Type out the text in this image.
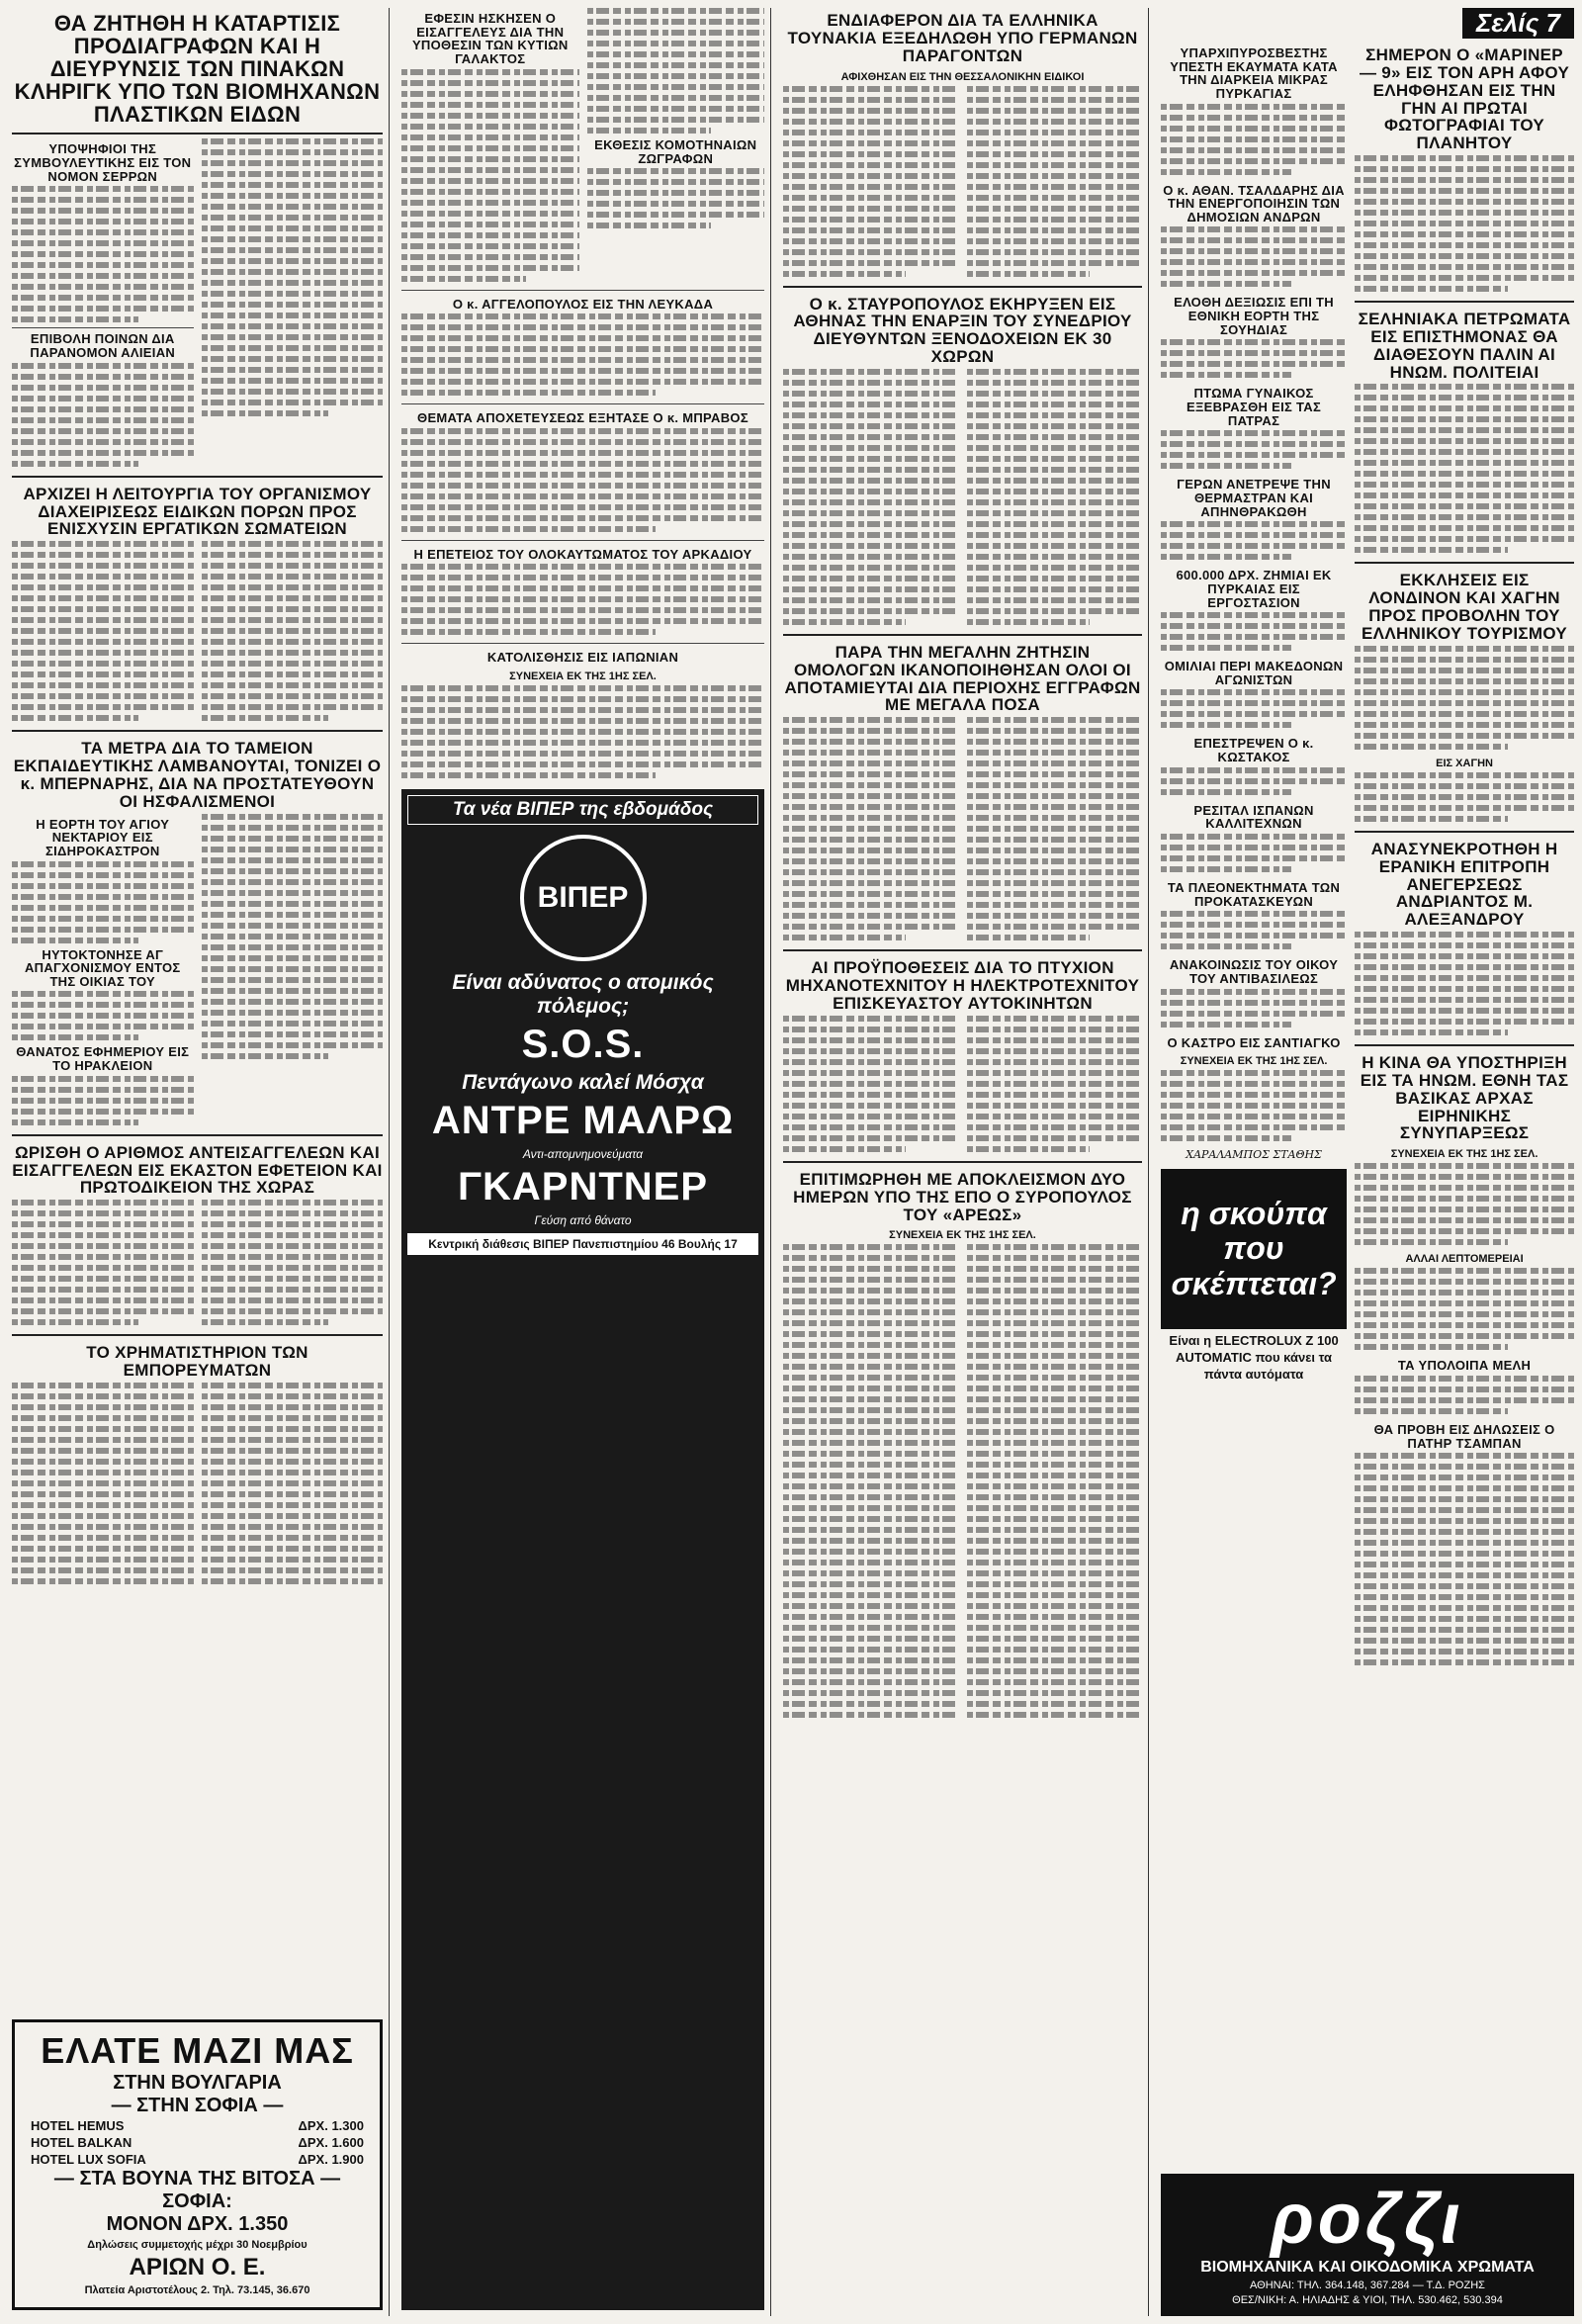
ΘΑ ΖΗΤΗΘΗ Η ΚΑΤΑΡΤΙΣΙΣ ΠΡΟΔΙΑΓΡΑΦΩΝ ΚΑΙ Η ΔΙΕΥΡΥΝΣΙΣ ΤΩΝ ΠΙΝΑΚΩΝ ΚΛΗΡΙΓΚ ΥΠΟ ΤΩΝ ΒΙΟΜΗΧΑΝΩΝ ΠΛΑΣΤΙΚΩΝ ΕΙΔΩΝ
ΥΠΟΨΗΦΙΟΙ ΤΗΣ ΣΥΜΒΟΥΛΕΥΤΙΚΗΣ ΕΙΣ ΤΟΝ ΝΟΜΟΝ ΣΕΡΡΩΝ
ΕΠΙΒΟΛΗ ΠΟΙΝΩΝ ΔΙΑ ΠΑΡΑΝΟΜΟΝ ΑΛΙΕΙΑΝ
ΑΡΧΙΖΕΙ Η ΛΕΙΤΟΥΡΓΙΑ ΤΟΥ ΟΡΓΑΝΙΣΜΟΥ ΔΙΑΧΕΙΡΙΣΕΩΣ ΕΙΔΙΚΩΝ ΠΟΡΩΝ ΠΡΟΣ ΕΝΙΣΧΥΣΙΝ ΕΡΓΑΤΙΚΩΝ ΣΩΜΑΤΕΙΩΝ
ΤΑ ΜΕΤΡΑ ΔΙΑ ΤΟ ΤΑΜΕΙΟΝ ΕΚΠΑΙΔΕΥΤΙΚΗΣ ΛΑΜΒΑΝΟΥΤΑΙ, ΤΟΝΙΖΕΙ Ο κ. ΜΠΕΡΝΑΡΗΣ, ΔΙΑ ΝΑ ΠΡΟΣΤΑΤΕΥΘΟΥΝ ΟΙ ΗΣΦΑΛΙΣΜΕΝΟΙ
Η ΕΟΡΤΗ ΤΟΥ ΑΓΙΟΥ ΝΕΚΤΑΡΙΟΥ ΕΙΣ ΣΙΔΗΡΟΚΑΣΤΡΟΝ
ΗΥΤΟΚΤΟΝΗΣΕ ΑΓ ΑΠΑΓΧΟΝΙΣΜΟΥ ΕΝΤΟΣ ΤΗΣ ΟΙΚΙΑΣ ΤΟΥ
ΘΑΝΑΤΟΣ ΕΦΗΜΕΡΙΟΥ ΕΙΣ ΤΟ ΗΡΑΚΛΕΙΟΝ
ΩΡΙΣΘΗ Ο ΑΡΙΘΜΟΣ ΑΝΤΕΙΣΑΓΓΕΛΕΩΝ ΚΑΙ ΕΙΣΑΓΓΕΛΕΩΝ ΕΙΣ ΕΚΑΣΤΟΝ ΕΦΕΤΕΙΟΝ ΚΑΙ ΠΡΩΤΟΔΙΚΕΙΟΝ ΤΗΣ ΧΩΡΑΣ
ΤΟ ΧΡΗΜΑΤΙΣΤΗΡΙΟΝ ΤΩΝ ΕΜΠΟΡΕΥΜΑΤΩΝ
ΕΛΑΤΕ ΜΑΖΙ ΜΑΣ
ΣΤΗΝ ΒΟΥΛΓΑΡΙΑ
— ΣΤΗΝ ΣΟΦΙΑ —
HOTEL HEMUS	ΔΡΧ. 1.300
HOTEL BALKAN	ΔΡΧ. 1.600
HOTEL LUX SOFIA	ΔΡΧ. 1.900
— ΣΤΑ ΒΟΥΝΑ ΤΗΣ ΒΙΤΟΣΑ — ΣΟΦΙΑ:
ΜΟΝΟΝ ΔΡΧ. 1.350
Δηλώσεις συμμετοχής μέχρι 30 Νοεμβρίου
ΑΡΙΩΝ Ο. Ε.
Πλατεία Αριστοτέλους 2. Τηλ. 73.145, 36.670
ΕΦΕΣΙΝ ΗΣΚΗΣΕΝ Ο ΕΙΣΑΓΓΕΛΕΥΣ ΔΙΑ ΤΗΝ ΥΠΟΘΕΣΙΝ ΤΩΝ ΚΥΤΙΩΝ ΓΑΛΑΚΤΟΣ
ΕΚΘΕΣΙΣ ΚΟΜΟΤΗΝΑΙΩΝ ΖΩΓΡΑΦΩΝ
Ο κ. ΑΓΓΕΛΟΠΟΥΛΟΣ ΕΙΣ ΤΗΝ ΛΕΥΚΑΔΑ
ΘΕΜΑΤΑ ΑΠΟΧΕΤΕΥΣΕΩΣ ΕΞΗΤΑΣΕ Ο κ. ΜΠΡΑΒΟΣ
Η ΕΠΕΤΕΙΟΣ ΤΟΥ ΟΛΟΚΑΥΤΩΜΑΤΟΣ ΤΟΥ ΑΡΚΑΔΙΟΥ
ΚΑΤΟΛΙΣΘΗΣΙΣ ΕΙΣ ΙΑΠΩΝΙΑΝ
ΣΥΝΕΧΕΙΑ ΕΚ ΤΗΣ 1ΗΣ ΣΕΛ.
Τα νέα ΒΙΠΕΡ της εβδομάδος
ΒΙΠΕΡ
Είναι αδύνατος ο ατομικός πόλεμος;
S.O.S.
Πεντάγωνο καλεί Μόσχα
ΑΝΤΡΕ ΜΑΛΡΩ
Αντι-απομνημονεύματα
ΓΚΑΡΝΤΝΕΡ
Γεύση από θάνατο
Κεντρική διάθεσις ΒΙΠΕΡ Πανεπιστημίου 46 Βουλής 17
ΕΝΔΙΑΦΕΡΟΝ ΔΙΑ ΤΑ ΕΛΛΗΝΙΚΑ ΤΟΥΝΑΚΙΑ ΕΞΕΔΗΛΩΘΗ ΥΠΟ ΓΕΡΜΑΝΩΝ ΠΑΡΑΓΟΝΤΩΝ
ΑΦΙΧΘΗΣΑΝ ΕΙΣ ΤΗΝ ΘΕΣΣΑΛΟΝΙΚΗΝ ΕΙΔΙΚΟΙ
Ο κ. ΣΤΑΥΡΟΠΟΥΛΟΣ ΕΚΗΡΥΞΕΝ ΕΙΣ ΑΘΗΝΑΣ ΤΗΝ ΕΝΑΡΞΙΝ ΤΟΥ ΣΥΝΕΔΡΙΟΥ ΔΙΕΥΘΥΝΤΩΝ ΞΕΝΟΔΟΧΕΙΩΝ ΕΚ 30 ΧΩΡΩΝ
ΠΑΡΑ ΤΗΝ ΜΕΓΑΛΗΝ ΖΗΤΗΣΙΝ ΟΜΟΛΟΓΩΝ ΙΚΑΝΟΠΟΙΗΘΗΣΑΝ ΟΛΟΙ ΟΙ ΑΠΟΤΑΜΙΕΥΤΑΙ ΔΙΑ ΠΕΡΙΟΧΗΣ ΕΓΓΡΑΦΩΝ ΜΕ ΜΕΓΑΛΑ ΠΟΣΑ
ΑΙ ΠΡΟΫΠΟΘΕΣΕΙΣ ΔΙΑ ΤΟ ΠΤΥΧΙΟΝ ΜΗΧΑΝΟΤΕΧΝΙΤΟΥ Η ΗΛΕΚΤΡΟΤΕΧΝΙΤΟΥ ΕΠΙΣΚΕΥΑΣΤΟΥ ΑΥΤΟΚΙΝΗΤΩΝ
ΕΠΙΤΙΜΩΡΗΘΗ ΜΕ ΑΠΟΚΛΕΙΣΜΟΝ ΔΥΟ ΗΜΕΡΩΝ ΥΠΟ ΤΗΣ ΕΠΟ Ο ΣΥΡΟΠΟΥΛΟΣ ΤΟΥ «ΑΡΕΩΣ»
ΣΥΝΕΧΕΙΑ ΕΚ ΤΗΣ 1ΗΣ ΣΕΛ.
Σελίς 7
ΥΠΑΡΧΙΠΥΡΟΣΒΕΣΤΗΣ ΥΠΕΣΤΗ ΕΚΑΥΜΑΤΑ ΚΑΤΑ ΤΗΝ ΔΙΑΡΚΕΙΑ ΜΙΚΡΑΣ ΠΥΡΚΑΓΙΑΣ
Ο κ. ΑΘΑΝ. ΤΣΑΛΔΑΡΗΣ ΔΙΑ ΤΗΝ ΕΝΕΡΓΟΠΟΙΗΣΙΝ ΤΩΝ ΔΗΜΟΣΙΩΝ ΑΝΔΡΩΝ
ΕΛΟΘΗ ΔΕΞΙΩΣΙΣ ΕΠΙ ΤΗ ΕΘΝΙΚΗ ΕΟΡΤΗ ΤΗΣ ΣΟΥΗΔΙΑΣ
ΠΤΩΜΑ ΓΥΝΑΙΚΟΣ ΕΞΕΒΡΑΣΘΗ ΕΙΣ ΤΑΣ ΠΑΤΡΑΣ
ΓΕΡΩΝ ΑΝΕΤΡΕΨΕ ΤΗΝ ΘΕΡΜΑΣΤΡΑΝ ΚΑΙ ΑΠΗΝΘΡΑΚΩΘΗ
600.000 ΔΡΧ. ΖΗΜΙΑΙ ΕΚ ΠΥΡΚΑΙΑΣ ΕΙΣ ΕΡΓΟΣΤΑΣΙΟΝ
ΟΜΙΛΙΑΙ ΠΕΡΙ ΜΑΚΕΔΟΝΩΝ ΑΓΩΝΙΣΤΩΝ
ΕΠΕΣΤΡΕΨΕΝ Ο κ. ΚΩΣΤΑΚΟΣ
ΡΕΣΙΤΑΛ ΙΣΠΑΝΩΝ ΚΑΛΛΙΤΕΧΝΩΝ
ΤΑ ΠΛΕΟΝΕΚΤΗΜΑΤΑ ΤΩΝ ΠΡΟΚΑΤΑΣΚΕΥΩΝ
ΑΝΑΚΟΙΝΩΣΙΣ ΤΟΥ ΟΙΚΟΥ ΤΟΥ ΑΝΤΙΒΑΣΙΛΕΩΣ
Ο ΚΑΣΤΡΟ ΕΙΣ ΣΑΝΤΙΑΓΚΟ
ΣΥΝΕΧΕΙΑ ΕΚ ΤΗΣ 1ΗΣ ΣΕΛ.
ΧΑΡΑΛΑΜΠΟΣ ΣΤΑΘΗΣ
η σκούπα που σκέπτεται?
Είναι η ELECTROLUX Ζ 100 AUTOMATIC που κάνει τα πάντα αυτόματα
ΣΗΜΕΡΟΝ Ο «ΜΑΡΙΝΕΡ — 9» ΕΙΣ ΤΟΝ ΑΡΗ ΑΦΟΥ ΕΛΗΦΘΗΣΑΝ ΕΙΣ ΤΗΝ ΓΗΝ ΑΙ ΠΡΩΤΑΙ ΦΩΤΟΓΡΑΦΙΑΙ ΤΟΥ ΠΛΑΝΗΤΟΥ
ΣΕΛΗΝΙΑΚΑ ΠΕΤΡΩΜΑΤΑ ΕΙΣ ΕΠΙΣΤΗΜΟΝΑΣ ΘΑ ΔΙΑΘΕΣΟΥΝ ΠΑΛΙΝ ΑΙ ΗΝΩΜ. ΠΟΛΙΤΕΙΑΙ
ΕΚΚΛΗΣΕΙΣ ΕΙΣ ΛΟΝΔΙΝΟΝ ΚΑΙ ΧΑΓΗΝ ΠΡΟΣ ΠΡΟΒΟΛΗΝ ΤΟΥ ΕΛΛΗΝΙΚΟΥ ΤΟΥΡΙΣΜΟΥ
ΕΙΣ ΧΑΓΗΝ
ΑΝΑΣΥΝΕΚΡΟΤΗΘΗ Η ΕΡΑΝΙΚΗ ΕΠΙΤΡΟΠΗ ΑΝΕΓΕΡΣΕΩΣ ΑΝΔΡΙΑΝΤΟΣ Μ. ΑΛΕΞΑΝΔΡΟΥ
Η ΚΙΝΑ ΘΑ ΥΠΟΣΤΗΡΙΞΗ ΕΙΣ ΤΑ ΗΝΩΜ. ΕΘΝΗ ΤΑΣ ΒΑΣΙΚΑΣ ΑΡΧΑΣ ΕΙΡΗΝΙΚΗΣ ΣΥΝΥΠΑΡΞΕΩΣ
ΣΥΝΕΧΕΙΑ ΕΚ ΤΗΣ 1ΗΣ ΣΕΛ.
ΑΛΛΑΙ ΛΕΠΤΟΜΕΡΕΙΑΙ
ΤΑ ΥΠΟΛΟΙΠΑ ΜΕΛΗ
ΘΑ ΠΡΟΒΗ ΕΙΣ ΔΗΛΩΣΕΙΣ Ο ΠΑΤΗΡ ΤΣΑΜΠΑΝ
ροζζι
ΒΙΟΜΗΧΑΝΙΚΑ ΚΑΙ ΟΙΚΟΔΟΜΙΚΑ ΧΡΩΜΑΤΑ
ΑΘΗΝΑΙ: ΤΗΛ. 364.148, 367.284 — Τ.Δ. ΡΟΖΗΣ
ΘΕΣ/ΝΙΚΗ: Α. ΗΛΙΑΔΗΣ & ΥΙΟΙ, ΤΗΛ. 530.462, 530.394
